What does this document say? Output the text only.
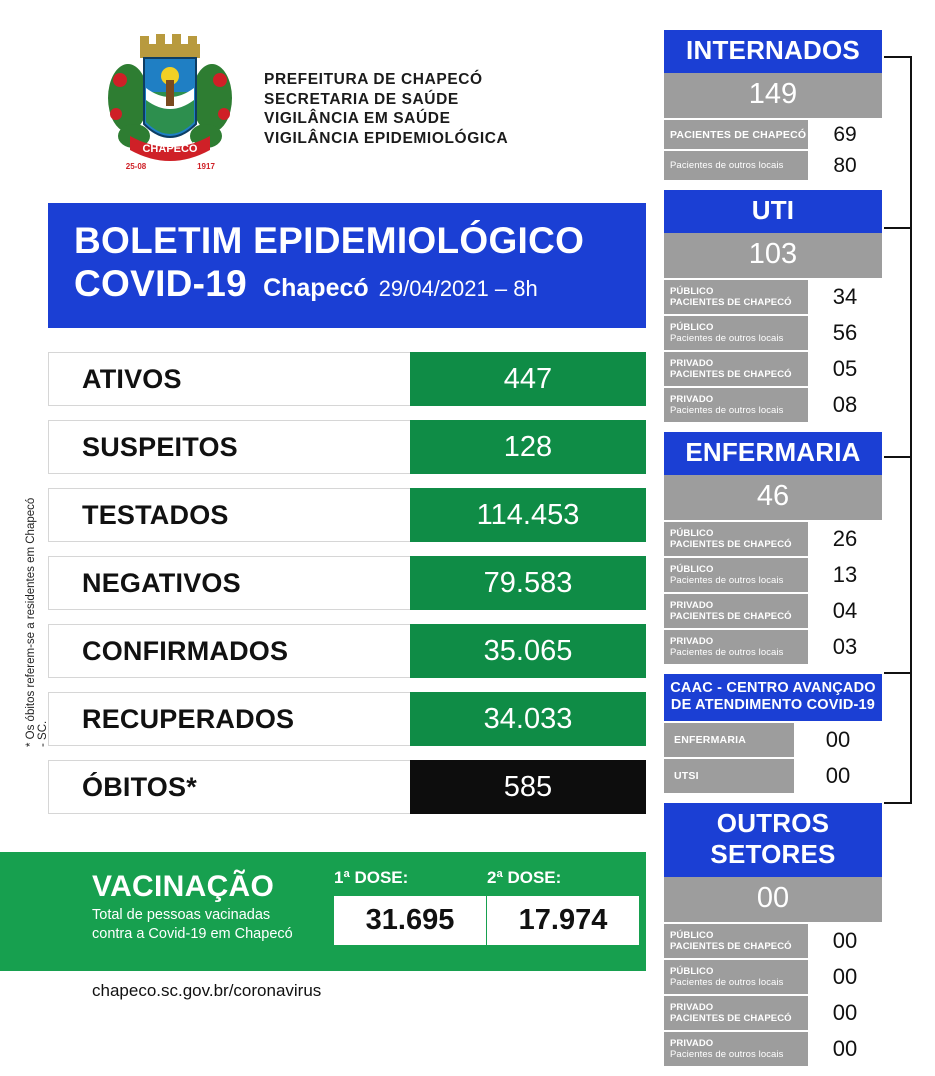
CHAPECÓ
25-08	1917
PREFEITURA DE CHAPECÓ
SECRETARIA DE SAÚDE
VIGILÂNCIA EM SAÚDE
VIGILÂNCIA EPIDEMIOLÓGICA
BOLETIM EPIDEMIOLÓGICO
COVID-19 Chapecó 29/04/2021 – 8h
ATIVOS	447
SUSPEITOS	128
TESTADOS	114.453
NEGATIVOS	79.583
CONFIRMADOS	35.065
RECUPERADOS	34.033
ÓBITOS*	585
* Os óbitos referem-se a residentes em Chapecó - SC.
VACINAÇÃO
Total de pessoas vacinadas
contra a Covid-19 em Chapecó
1ª DOSE:
31.695
2ª DOSE:
17.974
chapeco.sc.gov.br/coronavirus
INTERNADOS
149
PACIENTES DE CHAPECÓ	69
Pacientes de outros locais	80
UTI
103
PÚBLICO
PACIENTES DE CHAPECÓ	34
PÚBLICO
Pacientes de outros locais	56
PRIVADO
PACIENTES DE CHAPECÓ	05
PRIVADO
Pacientes de outros locais	08
ENFERMARIA
46
PÚBLICO
PACIENTES DE CHAPECÓ	26
PÚBLICO
Pacientes de outros locais	13
PRIVADO
PACIENTES DE CHAPECÓ	04
PRIVADO
Pacientes de outros locais	03
CAAC - CENTRO AVANÇADO
DE ATENDIMENTO COVID-19
ENFERMARIA	00
UTSI	00
OUTROS SETORES
00
PÚBLICO
PACIENTES DE CHAPECÓ	00
PÚBLICO
Pacientes de outros locais	00
PRIVADO
PACIENTES DE CHAPECÓ	00
PRIVADO
Pacientes de outros locais	00
